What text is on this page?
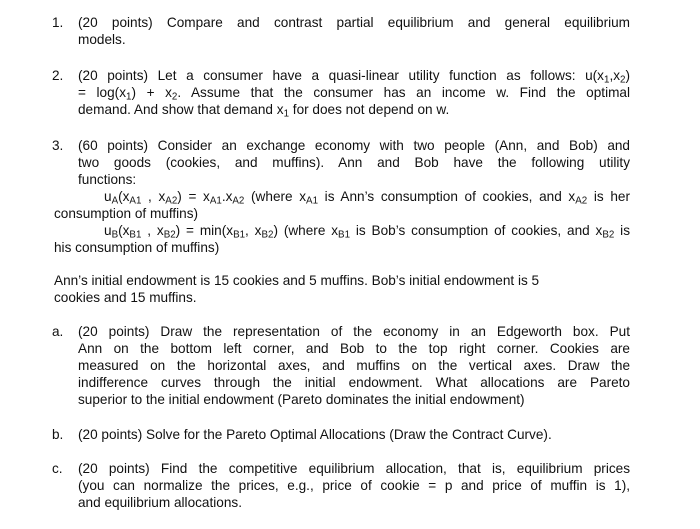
1. (20 points) Compare and contrast partial equilibrium and general equilibrium
models.
2. (20 points) Let a consumer have a quasi-linear utility function as follows: $u(x_1,x_2)$
= $\log(x_1) + x_2$. Assume that the consumer has an income w. Find the optimal
demand. And show that demand $x_1$ for does not depend on w.
3. (60 points) Consider an exchange economy with two people (Ann, and Bob) and
two goods (cookies, and muffins). Ann and Bob have the following utility
functions:
$u_A(x_{A1}$ , $x_{A2}) = x_{A1}.x_{A2}$ (where $x_{A1}$ is Ann’s consumption of cookies, and $x_{A2}$ is her
consumption of muffins)
$u_B(x_{B1}$ , $x_{B2}) = \min(x_{B1}$, $x_{B2}$) (where $x_{B1}$ is Bob’s consumption of cookies, and $x_{B2}$ is
his consumption of muffins)
Ann’s initial endowment is 15 cookies and 5 muffins. Bob’s initial endowment is 5
cookies and 15 muffins.
a. (20 points) Draw the representation of the economy in an Edgeworth box. Put
Ann on the bottom left corner, and Bob to the top right corner. Cookies are
measured on the horizontal axes, and muffins on the vertical axes. Draw the
indifference curves through the initial endowment. What allocations are Pareto
superior to the initial endowment (Pareto dominates the initial endowment)
b. (20 points) Solve for the Pareto Optimal Allocations (Draw the Contract Curve).
c. (20 points) Find the competitive equilibrium allocation, that is, equilibrium prices
(you can normalize the prices, e.g., price of cookie = p and price of muffin is 1),
and equilibrium allocations.
